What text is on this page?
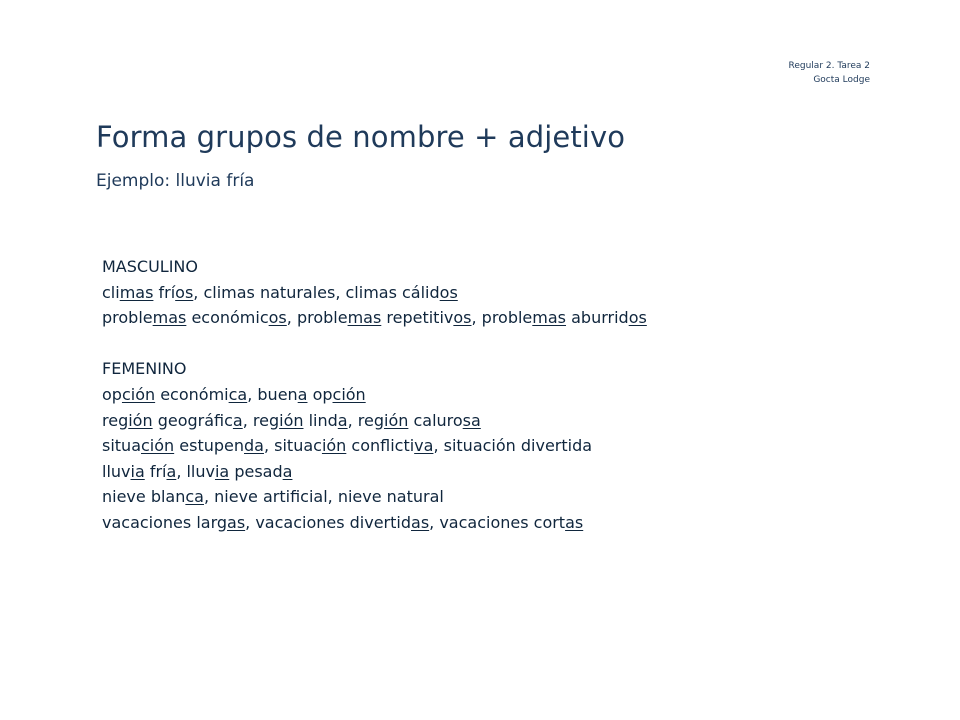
Regular 2. Tarea 2
Gocta Lodge
Forma grupos de nombre + adjetivo
Ejemplo: lluvia fría
MASCULINO
climas fríos, climas naturales, climas cálidos
problemas económicos, problemas repetitivos, problemas aburridos
FEMENINO
opción económica, buena opción
región geográfica, región linda, región calurosa
situación estupenda, situación conflictiva, situación divertida
lluvia fría, lluvia pesada
nieve blanca, nieve artificial, nieve natural
vacaciones largas, vacaciones divertidas, vacaciones cortas
